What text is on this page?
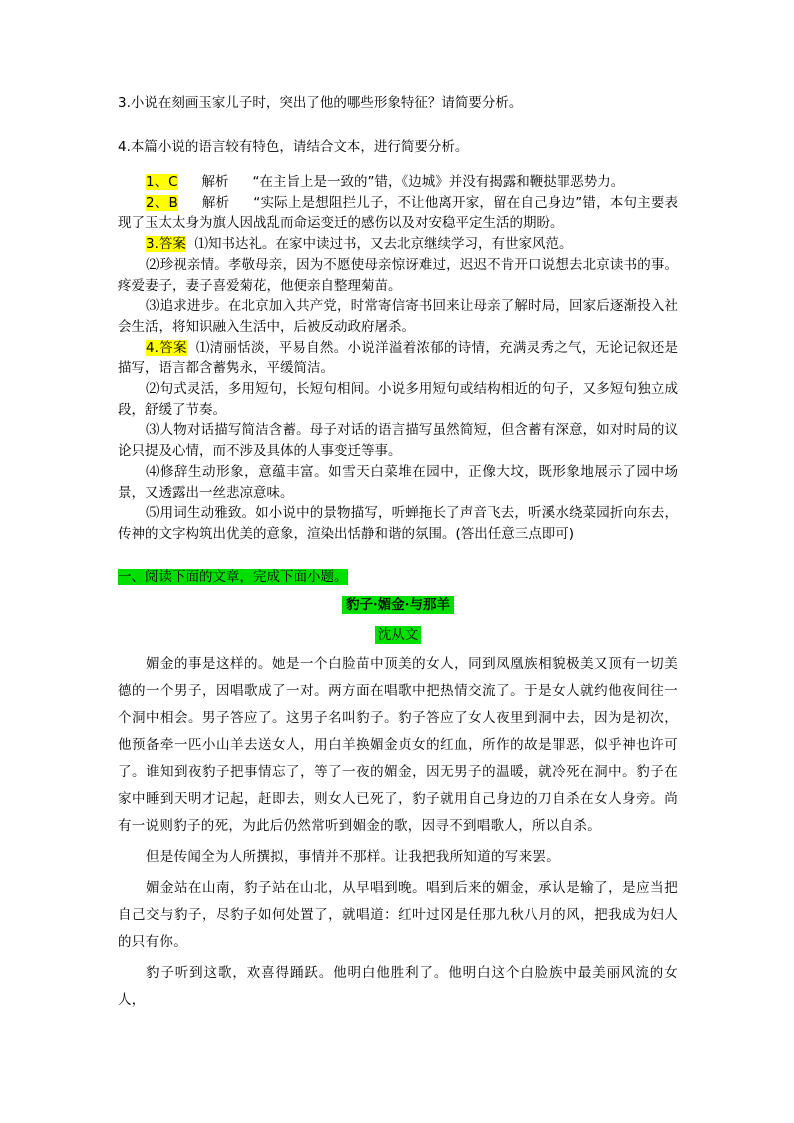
3.小说在刻画玉家儿子时，突出了他的哪些形象特征？请简要分析。

4.本篇小说的语言较有特色，请结合文本，进行简要分析。

1、C 解析 “在主旨上是一致的”错，《边城》并没有揭露和鞭挞罪恶势力。

2、B 解析 “实际上是想阻拦儿子，不让他离开家，留在自己身边”错，本句主要表现了玉太太身为旗人因战乱而命运变迁的感伤以及对安稳平定生活的期盼。

3.答案 ⑴知书达礼。在家中读过书，又去北京继续学习，有世家风范。

⑵珍视亲情。孝敬母亲，因为不愿使母亲惊讶难过，迟迟不肯开口说想去北京读书的事。疼爱妻子，妻子喜爱菊花，他便亲自整理菊苗。

⑶追求进步。在北京加入共产党，时常寄信寄书回来让母亲了解时局，回家后逐渐投入社会生活，将知识融入生活中，后被反动政府屠杀。

4.答案 ⑴清丽恬淡，平易自然。小说洋溢着浓郁的诗情，充满灵秀之气，无论记叙还是描写，语言都含蓄隽永，平缓简洁。

⑵句式灵活，多用短句，长短句相间。小说多用短句或结构相近的句子，又多短句独立成段，舒缓了节奏。

⑶人物对话描写简洁含蓄。母子对话的语言描写虽然简短，但含蓄有深意，如对时局的议论只提及心情，而不涉及具体的人事变迁等事。

⑷修辞生动形象，意蕴丰富。如雪天白菜堆在园中，正像大坟，既形象地展示了园中场景，又透露出一丝悲凉意味。

⑸用词生动雅致。如小说中的景物描写，听蝉拖长了声音飞去，听溪水绕菜园折向东去，传神的文字构筑出优美的意象，渲染出恬静和谐的氛围。(答出任意三点即可)

一、阅读下面的文章，完成下面小题。
豹子·媚金·与那羊
沈从文

媚金的事是这样的。她是一个白脸苗中顶美的女人，同到凤凰族相貌极美又顶有一切美德的一个男子，因唱歌成了一对。两方面在唱歌中把热情交流了。于是女人就约他夜间往一个洞中相会。男子答应了。这男子名叫豹子。豹子答应了女人夜里到洞中去，因为是初次，他预备牵一匹小山羊去送女人，用白羊换媚金贞女的红血，所作的故是罪恶，似乎神也许可了。谁知到夜豹子把事情忘了，等了一夜的媚金，因无男子的温暖，就冷死在洞中。豹子在家中睡到天明才记起，赶即去，则女人已死了，豹子就用自己身边的刀自杀在女人身旁。尚有一说则豹子的死，为此后仍然常听到媚金的歌，因寻不到唱歌人，所以自杀。

但是传闻全为人所撰拟，事情并不那样。让我把我所知道的写来罢。

媚金站在山南，豹子站在山北，从早唱到晚。唱到后来的媚金，承认是输了，是应当把自己交与豹子，尽豹子如何处置了，就唱道：红叶过冈是任那九秋八月的风，把我成为妇人的只有你。

豹子听到这歌，欢喜得踊跃。他明白他胜利了。他明白这个白脸族中最美丽风流的女人，
